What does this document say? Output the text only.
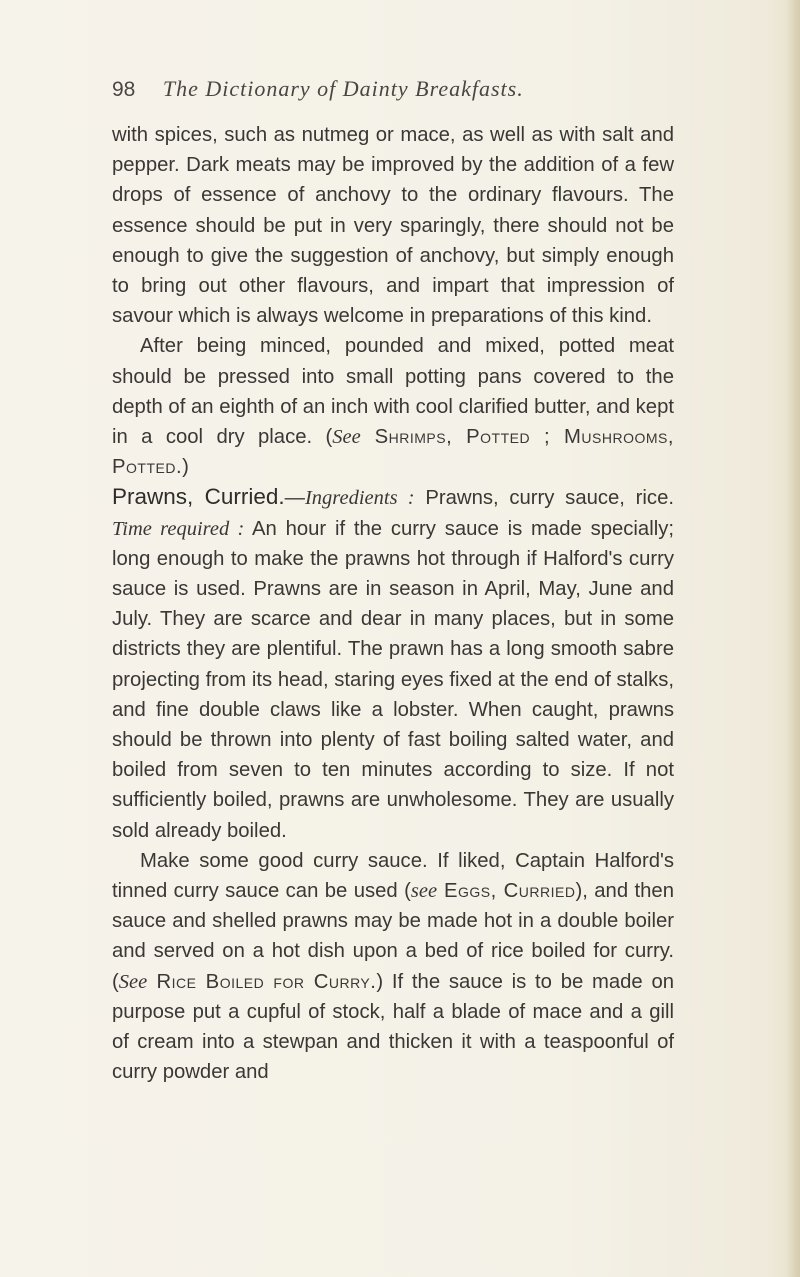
98 The Dictionary of Dainty Breakfasts.

with spices, such as nutmeg or mace, as well as with salt and pepper. Dark meats may be improved by the addition of a few drops of essence of anchovy to the ordinary flavours. The essence should be put in very sparingly, there should not be enough to give the suggestion of anchovy, but simply enough to bring out other flavours, and impart that impression of savour which is always welcome in preparations of this kind.

After being minced, pounded and mixed, potted meat should be pressed into small potting pans covered to the depth of an eighth of an inch with cool clarified butter, and kept in a cool dry place. (See Shrimps, Potted ; Mushrooms, Potted.)

Prawns, Curried.—Ingredients : Prawns, curry sauce, rice. Time required : An hour if the curry sauce is made specially; long enough to make the prawns hot through if Halford's curry sauce is used. Prawns are in season in April, May, June and July. They are scarce and dear in many places, but in some districts they are plentiful. The prawn has a long smooth sabre projecting from its head, staring eyes fixed at the end of stalks, and fine double claws like a lobster. When caught, prawns should be thrown into plenty of fast boiling salted water, and boiled from seven to ten minutes according to size. If not sufficiently boiled, prawns are unwholesome. They are usually sold already boiled.

Make some good curry sauce. If liked, Captain Halford's tinned curry sauce can be used (see Eggs, Curried), and then sauce and shelled prawns may be made hot in a double boiler and served on a hot dish upon a bed of rice boiled for curry. (See Rice Boiled for Curry.) If the sauce is to be made on purpose put a cupful of stock, half a blade of mace and a gill of cream into a stewpan and thicken it with a teaspoonful of curry powder and
